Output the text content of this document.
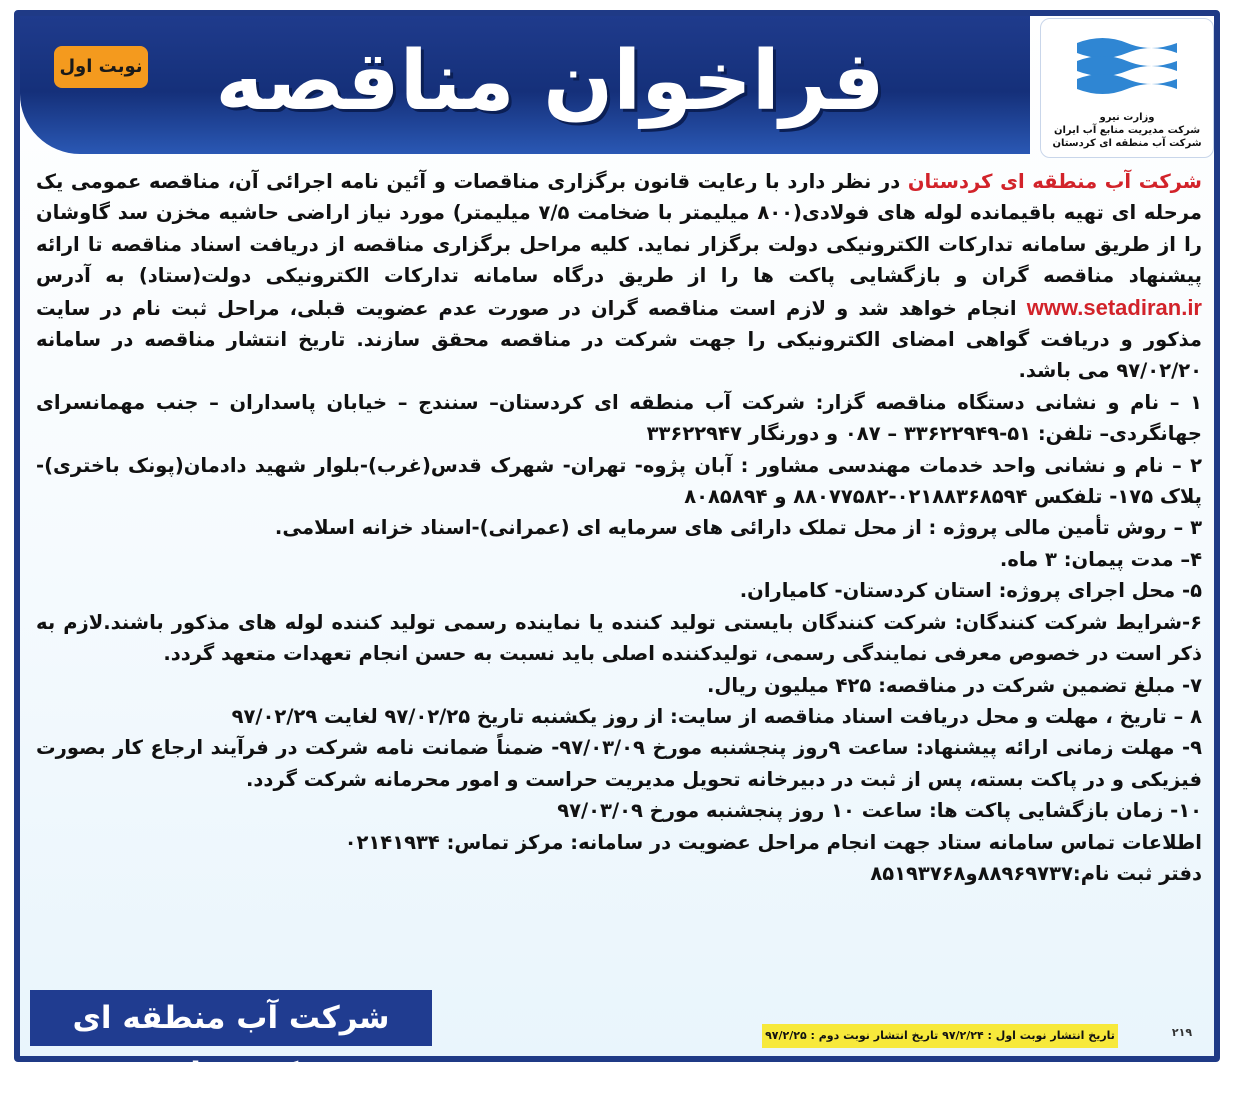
نوبت اول فراخوان مناقصه	وزارت نیرو
شرکت مدیریت منابع آب ایران
شرکت آب منطقه ای کردستان

شرکت آب منطقه ای کردستان در نظر دارد با رعایت قانون برگزاری مناقصات و آئین نامه اجرائی آن، مناقصه عمومی یک مرحله ای تهیه باقیمانده لوله های فولادی(۸۰۰ میلیمتر با ضخامت ۷/۵ میلیمتر) مورد نیاز اراضی حاشیه مخزن سد گاوشان را از طریق سامانه تدارکات الکترونیکی دولت برگزار نماید. کلیه مراحل برگزاری مناقصه از دریافت اسناد مناقصه تا ارائه پیشنهاد مناقصه گران و بازگشایی پاکت ها را از طریق درگاه سامانه تدارکات الکترونیکی دولت(ستاد) به آدرس www.setadiran.ir انجام خواهد شد و لازم است مناقصه گران در صورت عدم عضویت قبلی، مراحل ثبت نام در سایت مذکور و دریافت گواهی امضای الکترونیکی را جهت شرکت در مناقصه محقق سازند. تاریخ انتشار مناقصه در سامانه ۹۷/۰۲/۲۰ می باشد.

۱ – نام و نشانی دستگاه مناقصه گزار: شرکت آب منطقه ای کردستان– سنندج – خیابان پاسداران – جنب مهمانسرای جهانگردی– تلفن: ۵۱-۳۳۶۲۲۹۴۹ – ۰۸۷ و دورنگار ۳۳۶۲۲۹۴۷

۲ – نام و نشانی واحد خدمات مهندسی مشاور : آبان پژوه- تهران- شهرک قدس(غرب)-بلوار شهید دادمان(پونک باختری)- پلاک ۱۷۵- تلفکس ۰۲۱۸۸۳۶۸۵۹۴-۸۸۰۷۷۵۸۲ و ۸۰۸۵۸۹۴

۳ – روش تأمین مالی پروژه : از محل تملک دارائی های سرمایه ای (عمرانی)-اسناد خزانه اسلامی.

۴– مدت پیمان: ۳ ماه.

۵- محل اجرای پروژه: استان کردستان- کامیاران.

۶-شرایط شرکت کنندگان: شرکت کنندگان بایستی تولید کننده یا نماینده رسمی تولید کننده لوله های مذکور باشند.لازم به ذکر است در خصوص معرفی نمایندگی رسمی، تولیدکننده اصلی باید نسبت به حسن انجام تعهدات متعهد گردد.

۷- مبلغ تضمین شرکت در مناقصه: ۴۲۵ میلیون ریال.

۸ – تاریخ ، مهلت و محل دریافت اسناد مناقصه از سایت: از روز یکشنبه تاریخ ۹۷/۰۲/۲۵ لغایت ۹۷/۰۲/۲۹

۹- مهلت زمانی ارائه پیشنهاد: ساعت ۹روز پنجشنبه مورخ ۹۷/۰۳/۰۹- ضمناً ضمانت نامه شرکت در فرآیند ارجاع کار بصورت فیزیکی و در پاکت بسته، پس از ثبت در دبیرخانه تحویل مدیریت حراست و امور محرمانه شرکت گردد.

۱۰- زمان بازگشایی پاکت ها: ساعت ۱۰ روز پنجشنبه مورخ ۹۷/۰۳/۰۹

اطلاعات تماس سامانه ستاد جهت انجام مراحل عضویت در سامانه: مرکز تماس: ۰۲۱۴۱۹۳۴

دفتر ثبت نام:۸۸۹۶۹۷۳۷و۸۵۱۹۳۷۶۸

شرکت آب منطقه ای کردستان
تاریخ انتشار نوبت اول : ۹۷/۲/۲۴ تاریخ انتشار نوبت دوم : ۹۷/۲/۲۵	۲۱۹
